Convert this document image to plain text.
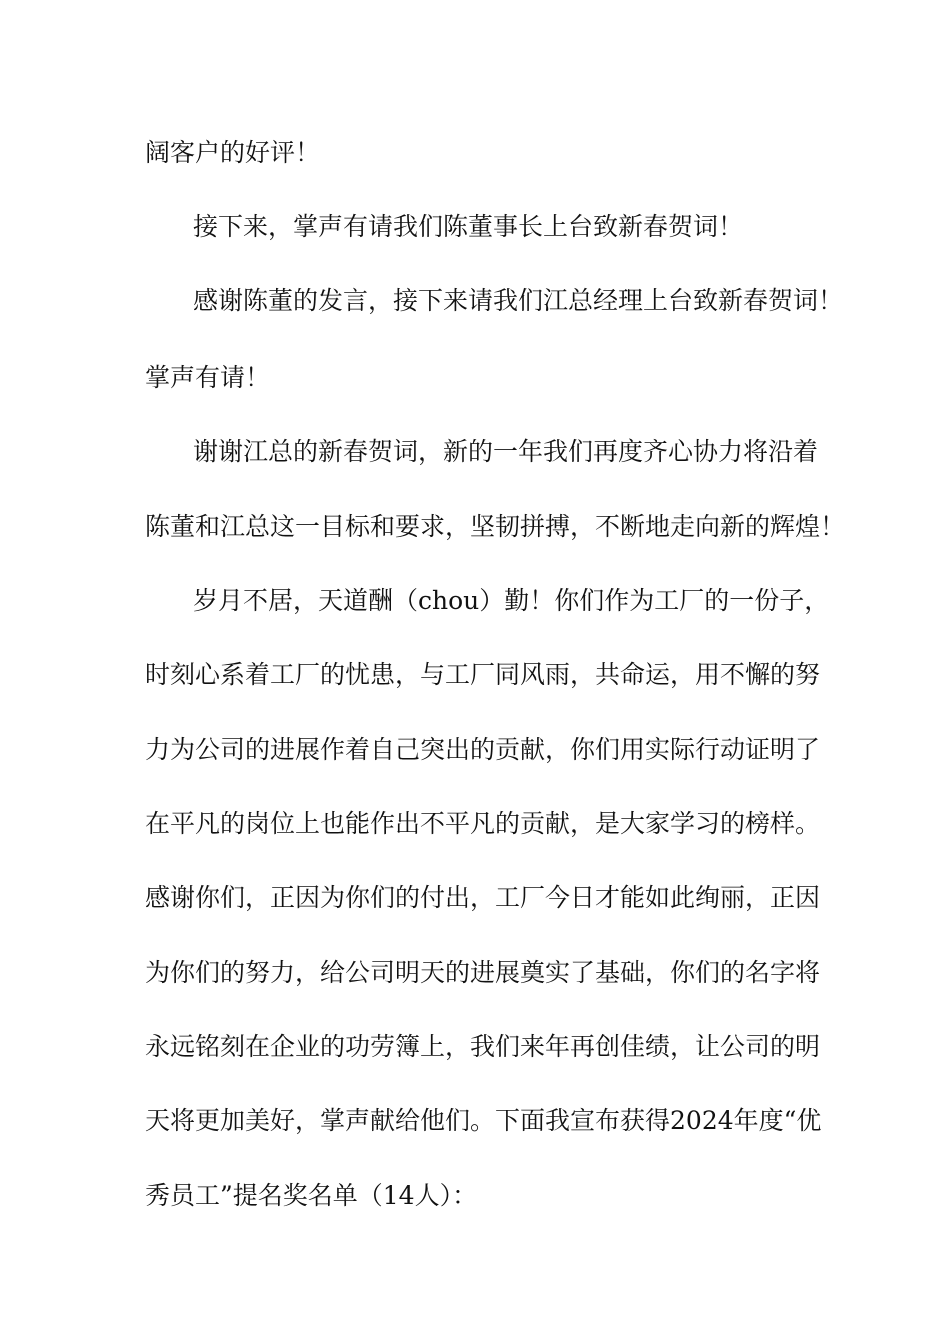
阔客户的好评！

接下来，掌声有请我们陈董事长上台致新春贺词！

感谢陈董的发言，接下来请我们江总经理上台致新春贺词！

掌声有请！

谢谢江总的新春贺词，新的一年我们再度齐心协力将沿着

陈董和江总这一目标和要求，坚韧拼搏，不断地走向新的辉煌！

岁月不居，天道酬（chou）勤！你们作为工厂的一份子，

时刻心系着工厂的忧患，与工厂同风雨，共命运，用不懈的努

力为公司的进展作着自己突出的贡献，你们用实际行动证明了

在平凡的岗位上也能作出不平凡的贡献，是大家学习的榜样。

感谢你们，正因为你们的付出，工厂今日才能如此绚丽，正因

为你们的努力，给公司明天的进展奠实了基础，你们的名字将

永远铭刻在企业的功劳簿上，我们来年再创佳绩，让公司的明

天将更加美好，掌声献给他们。下面我宣布获得2024年度“优

秀员工”提名奖名单（14人）：
